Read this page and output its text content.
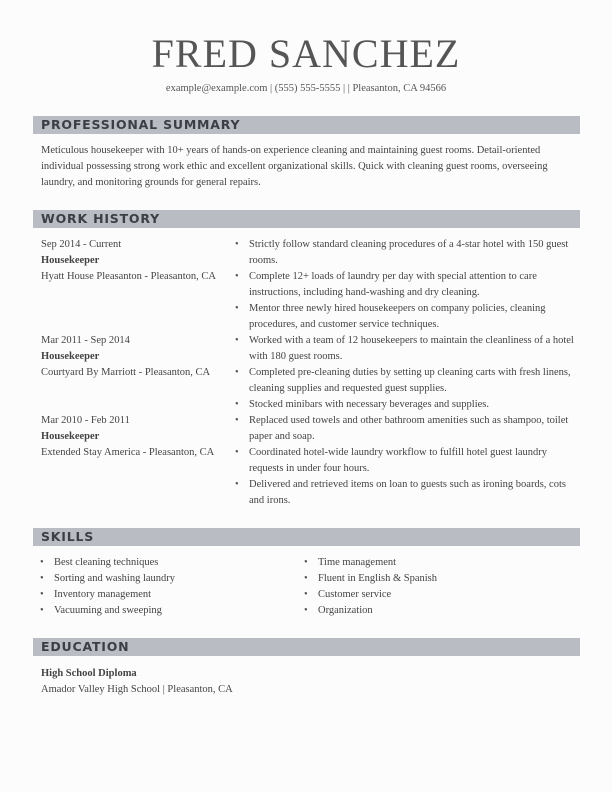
FRED SANCHEZ
example@example.com | (555) 555-5555 | | Pleasanton, CA 94566
PROFESSIONAL SUMMARY
Meticulous housekeeper with 10+ years of hands-on experience cleaning and maintaining guest rooms. Detail-oriented individual possessing strong work ethic and excellent organizational skills. Quick with cleaning guest rooms, overseeing laundry, and monitoring grounds for general repairs.
WORK HISTORY
Sep 2014 - Current
Housekeeper
Hyatt House Pleasanton - Pleasanton, CA
Mar 2011 - Sep 2014
Housekeeper
Courtyard By Marriott - Pleasanton, CA
Mar 2010 - Feb 2011
Housekeeper
Extended Stay America - Pleasanton, CA
• Strictly follow standard cleaning procedures of a 4-star hotel with 150 guest rooms.
• Complete 12+ loads of laundry per day with special attention to care instructions, including hand-washing and dry cleaning.
• Mentor three newly hired housekeepers on company policies, cleaning procedures, and customer service techniques.
• Worked with a team of 12 housekeepers to maintain the cleanliness of a hotel with 180 guest rooms.
• Completed pre-cleaning duties by setting up cleaning carts with fresh linens, cleaning supplies and requested guest supplies.
• Stocked minibars with necessary beverages and supplies.
• Replaced used towels and other bathroom amenities such as shampoo, toilet paper and soap.
• Coordinated hotel-wide laundry workflow to fulfill hotel guest laundry requests in under four hours.
• Delivered and retrieved items on loan to guests such as ironing boards, cots and irons.
SKILLS
• Best cleaning techniques
• Sorting and washing laundry
• Inventory management
• Vacuuming and sweeping
• Time management
• Fluent in English & Spanish
• Customer service
• Organization
EDUCATION
High School Diploma
Amador Valley High School | Pleasanton, CA
